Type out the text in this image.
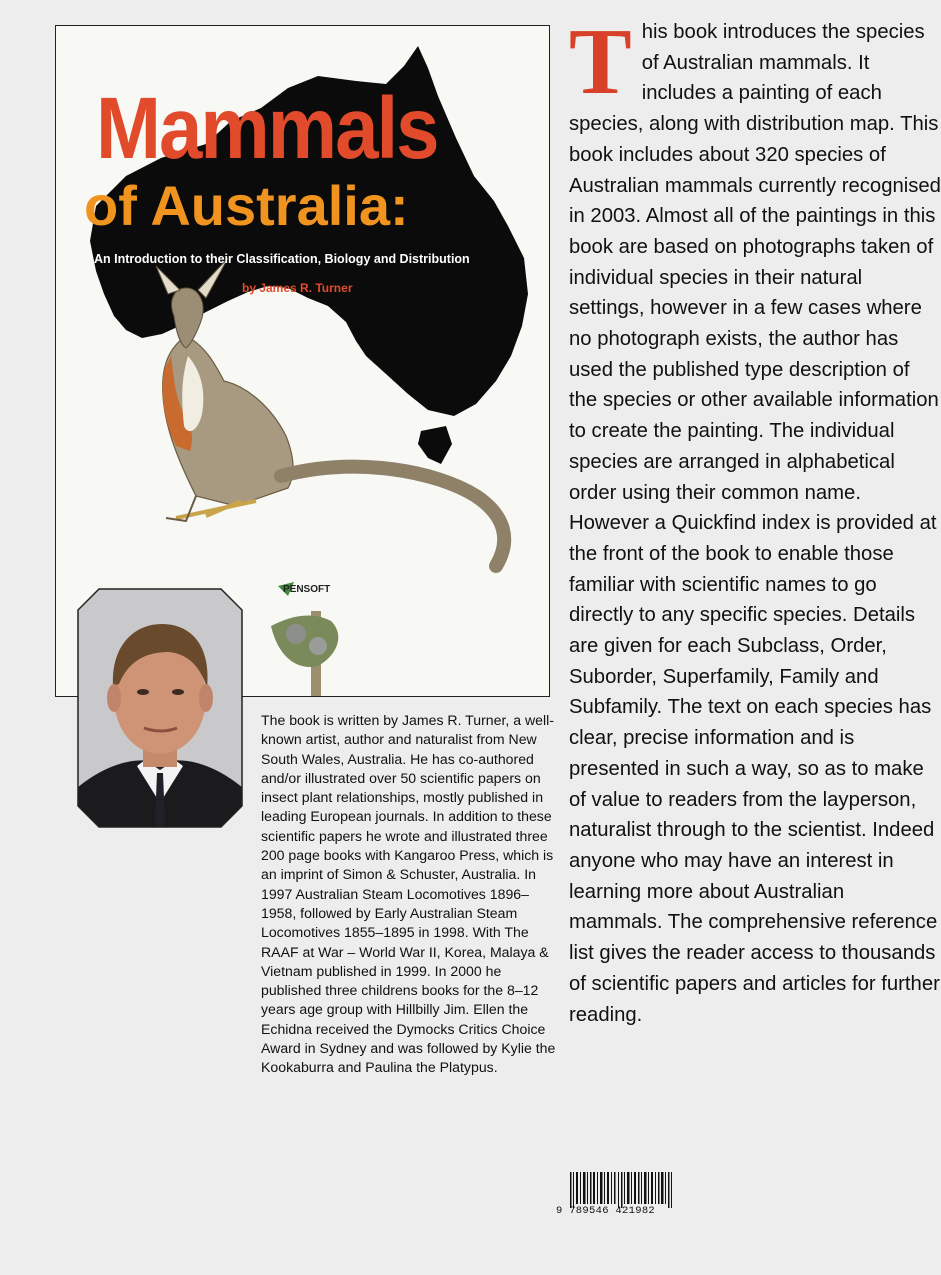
Mammals
of Australia:
An Introduction to their Classification, Biology and Distribution
by James R. Turner
PENSOFT

The book is written by James R. Turner, a well-known artist, author and naturalist from New South Wales, Australia. He has co-authored and/or illustrated over 50 scientific papers on insect plant relationships, mostly published in leading European journals. In addition to these scientific papers he wrote and illustrated three 200 page books with Kangaroo Press, which is an imprint of Simon & Schuster, Australia. In 1997 Australian Steam Locomotives 1896–1958, followed by Early Australian Steam Locomotives 1855–1895 in 1998. With The RAAF at War – World War II, Korea, Malaya & Vietnam published in 1999. In 2000 he published three childrens books for the 8–12 years age group with Hillbilly Jim. Ellen the Echidna received the Dymocks Critics Choice Award in Sydney and was followed by Kylie the Kookaburra and Paulina the Platypus.

This book introduces the species of Australian mammals. It includes a painting of each species, along with distribution map. This book includes about 320 species of Australian mammals currently recognised in 2003. Almost all of the paintings in this book are based on photographs taken of individual species in their natural settings, however in a few cases where no photograph exists, the author has used the published type description of the species or other available information to create the painting. The individual species are arranged in alphabetical order using their common name. However a Quickfind index is provided at the front of the book to enable those familiar with scientific names to go directly to any specific species. Details are given for each Subclass, Order, Suborder, Superfamily, Family and Subfamily. The text on each species has clear, precise information and is presented in such a way, so as to make of value to readers from the layperson, naturalist through to the scientist. Indeed anyone who may have an interest in learning more about Australian mammals. The comprehensive reference list gives the reader access to thousands of scientific papers and articles for further reading.

9 789546 421982
